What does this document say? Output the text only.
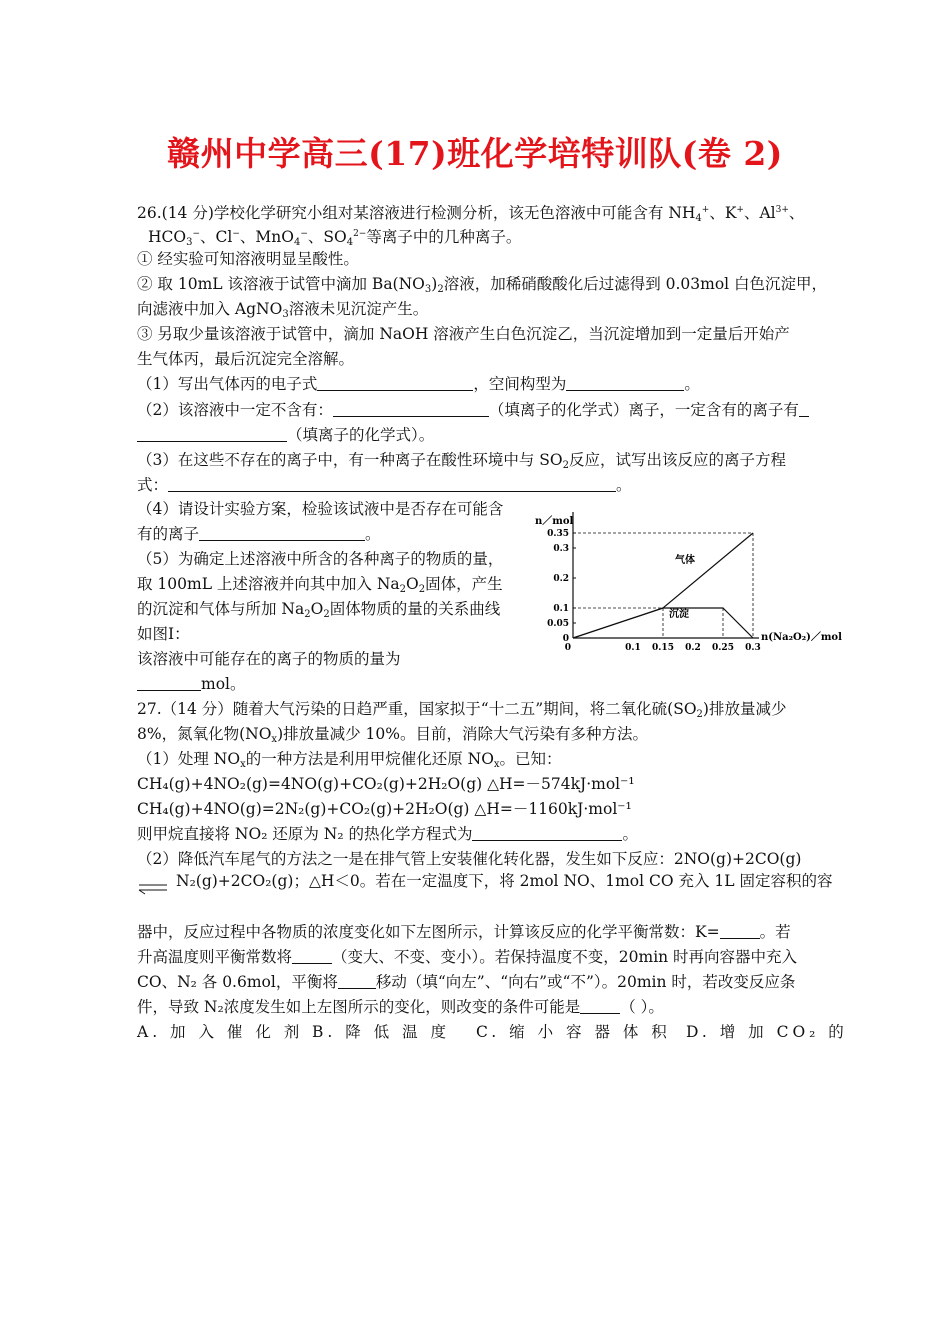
赣州中学高三(17)班化学培特训队(卷 2)
26.(14 分)学校化学研究小组对某溶液进行检测分析，该无色溶液中可能含有 $NH_4^+$、K+、$Al^{3+}$、
$HCO_3^-$、Cl−、MnO$_4$−、$SO_4^{2-}$等离子中的几种离子。
① 经实验可知溶液明显呈酸性。
② 取 10mL 该溶液于试管中滴加 $Ba(NO_3)_2$溶液，加稀硝酸酸化后过滤得到 0.03mol 白色沉淀甲，
向滤液中加入 AgNO$_3$溶液未见沉淀产生。
③ 另取少量该溶液于试管中，滴加 NaOH 溶液产生白色沉淀乙，当沉淀增加到一定量后开始产
生气体丙，最后沉淀完全溶解。
（1）写出气体丙的电子式	，空间构型为	。
（2）该溶液中一定不含有：	（填离子的化学式）离子，一定含有的离子有
（填离子的化学式）。
（3）在这些不存在的离子中，有一种离子在酸性环境中与 $SO_2$反应，试写出该反应的离子方程
式：	。
（4）请设计实验方案，检验该试液中是否存在可能含
有的离子	。
（5）为确定上述溶液中所含的各种离子的物质的量，
取 100mL 上述溶液并向其中加入 $Na_2O_2$固体，产生
的沉淀和气体与所加 $Na_2O_2$固体物质的量的关系曲线
如图Ⅰ：
该溶液中可能存在的离子的物质的量为
mol。
n／mol
n(Na₂O₂)／mol
0
0.05
0.1
0.2
0.3
0.35
0	0.1 0.15 0.2 0.25 0.3
气体
沉淀
27.（14 分）随着大气污染的日趋严重，国家拟于“十二五”期间，将二氧化硫$(SO_2)$排放量减少
8%，氮氧化物$(NO_x)$排放量减少 10%。目前，消除大气污染有多种方法。
（1）处理 $NO_x$的一种方法是利用甲烷催化还原 $NO_x$。已知：
CH₄(g)+4NO₂(g)=4NO(g)+CO₂(g)+2H₂O(g) △H=－574kJ·mol⁻¹
CH₄(g)+4NO(g)=2N₂(g)+CO₂(g)+2H₂O(g) △H=－1160kJ·mol⁻¹
则甲烷直接将 NO₂ 还原为 N₂ 的热化学方程式为	。
（2）降低汽车尾气的方法之一是在排气管上安装催化转化器，发生如下反应：2NO(g)+2CO(g)
N₂(g)+2CO₂(g)；△H＜0。若在一定温度下，将 2mol NO、1mol CO 充入 1L 固定容积的容
器中，反应过程中各物质的浓度变化如下左图所示，计算该反应的化学平衡常数：K=	。若
升高温度则平衡常数将	（变大、不变、变小）。若保持温度不变，20min 时再向容器中充入
CO、N₂ 各 0.6mol，平衡将 移动（填“向左”、“向右”或“不”）。20min 时，若改变反应条
件，导致 N₂浓度发生如上左图所示的变化，则改变的条件可能是	（ ）。
A. 加 入 催 化 剂 B. 降 低 温 度 C. 缩 小 容 器 体 积 D. 增 加 CO₂ 的
